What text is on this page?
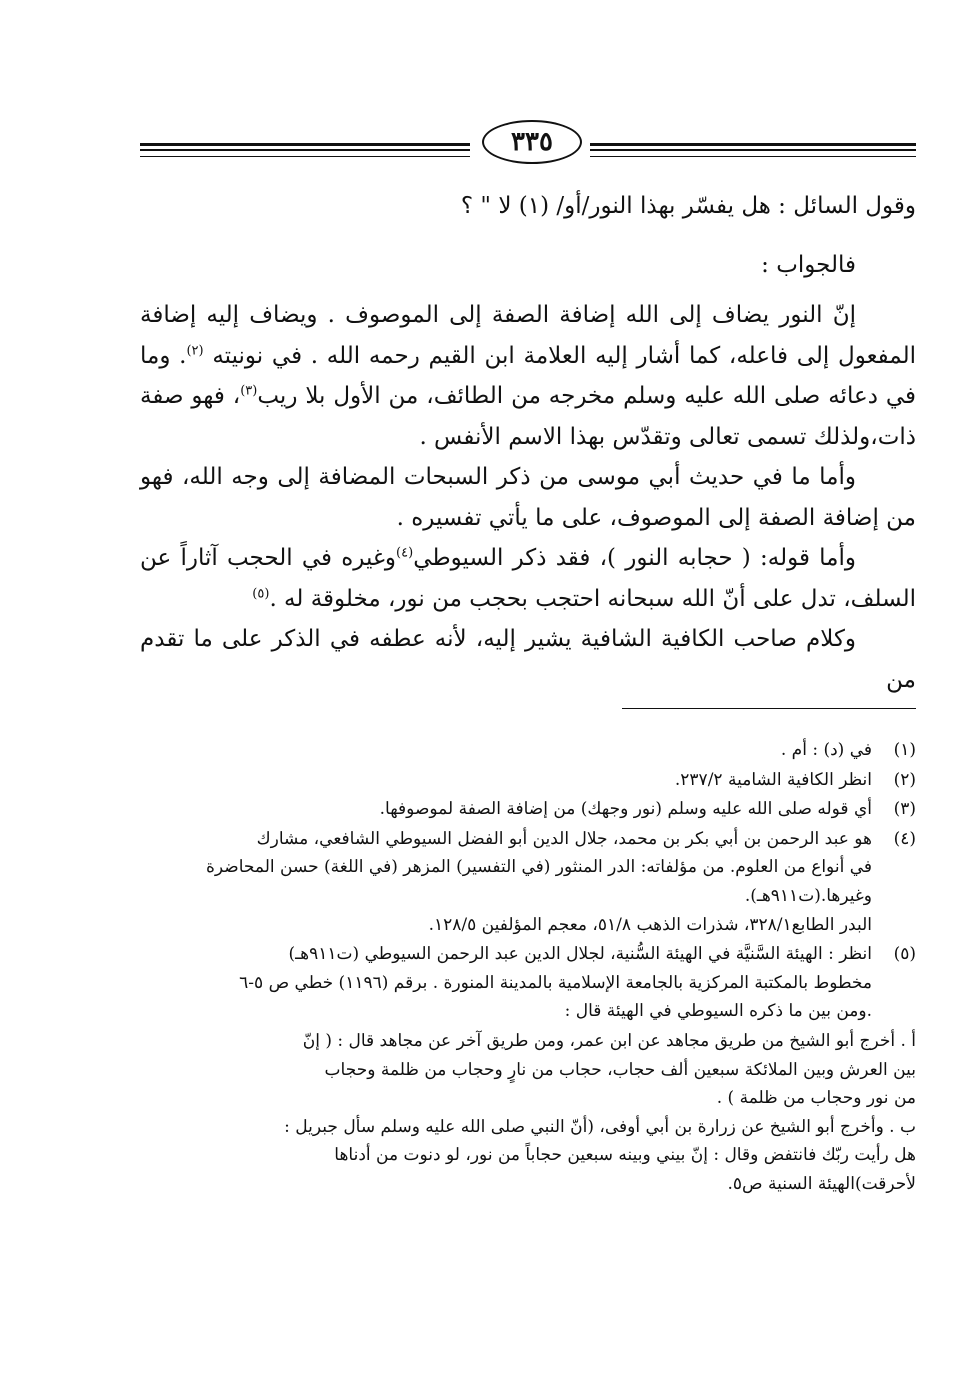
٣٣٥

وقول السائل : هل يفسّر بهذا النور/أو/ (١) لا " ؟

فالجواب :

إنّ النور يضاف إلى الله إضافة الصفة إلى الموصوف . ويضاف إليه إضافة المفعول إلى فاعله، كما أشار إليه العلامة ابن القيم رحمه الله . في نونيته $^{(٢)}$. وما في دعائه صلى الله عليه وسلم مخرجه من الطائف، من الأول بلا ريب$^{(٣)}$، فهو صفة ذات،ولذلك تسمى تعالى وتقدّس بهذا الاسم الأنفس .

وأما ما في حديث أبي موسى من ذكر السبحات المضافة إلى وجه الله، فهو من إضافة الصفة إلى الموصوف، على ما يأتي تفسيره .

وأما قوله: ( حجابه النور )، فقد ذكر السيوطي$^{(٤)}$وغيره في الحجب آثاراً عن السلف، تدل على أنّ الله سبحانه احتجب بحجب من نور، مخلوقة له .$^{(٥)}$

وكلام صاحب الكافية الشافية يشير إليه، لأنه عطفه في الذكر على ما تقدم من

(١)
في (د) : أم .
(٢)
انظر الكافية الشامية ٢٣٧/٢.
(٣)
أي قوله صلى الله عليه وسلم (نور وجهك) من إضافة الصفة لموصوفها.
(٤)
هو عبد الرحمن بن أبي بكر بن محمد، جلال الدين أبو الفضل السيوطي الشافعي، مشارك
في أنواع من العلوم. من مؤلفاته: الدر المنثور (في التفسير) المزهر (في اللغة) حسن المحاضرة
وغيرها.(ت٩١١هـ).
البدر الطابع٣٢٨/١، شذرات الذهب ٥١/٨، معجم المؤلفين ١٢٨/٥.
(٥)
انظر : الهيئة السَّنيَّة في الهيئة السُّنية، لجلال الدين عبد الرحمن السيوطي (ت٩١١هـ)
مخطوط بالمكتبة المركزية بالجامعة الإسلامية بالمدينة المنورة . برقم (١١٩٦) خطي ص ٥-٦
.ومن بين ما ذكره السيوطي في الهيئة قال :
أ . أخرج أبو الشيخ من طريق مجاهد عن ابن عمر، ومن طريق آخر عن مجاهد قال : ( إنّ
بين العرش وبين الملائكة سبعين ألف حجاب، حجاب من نارٍ وحجاب من ظلمة وحجاب
من نور وحجاب من ظلمة ) .
ب . وأخرج أبو الشيخ عن زرارة بن أبي أوفى، (أنّ النبي صلى الله عليه وسلم سأل جبريل :
هل رأيت ربّك فانتفض وقال : إنّ بيني وبينه سبعين حجاباً من نور، لو دنوت من أدناها
لأحرقت)الهيئة السنية ص٥.
